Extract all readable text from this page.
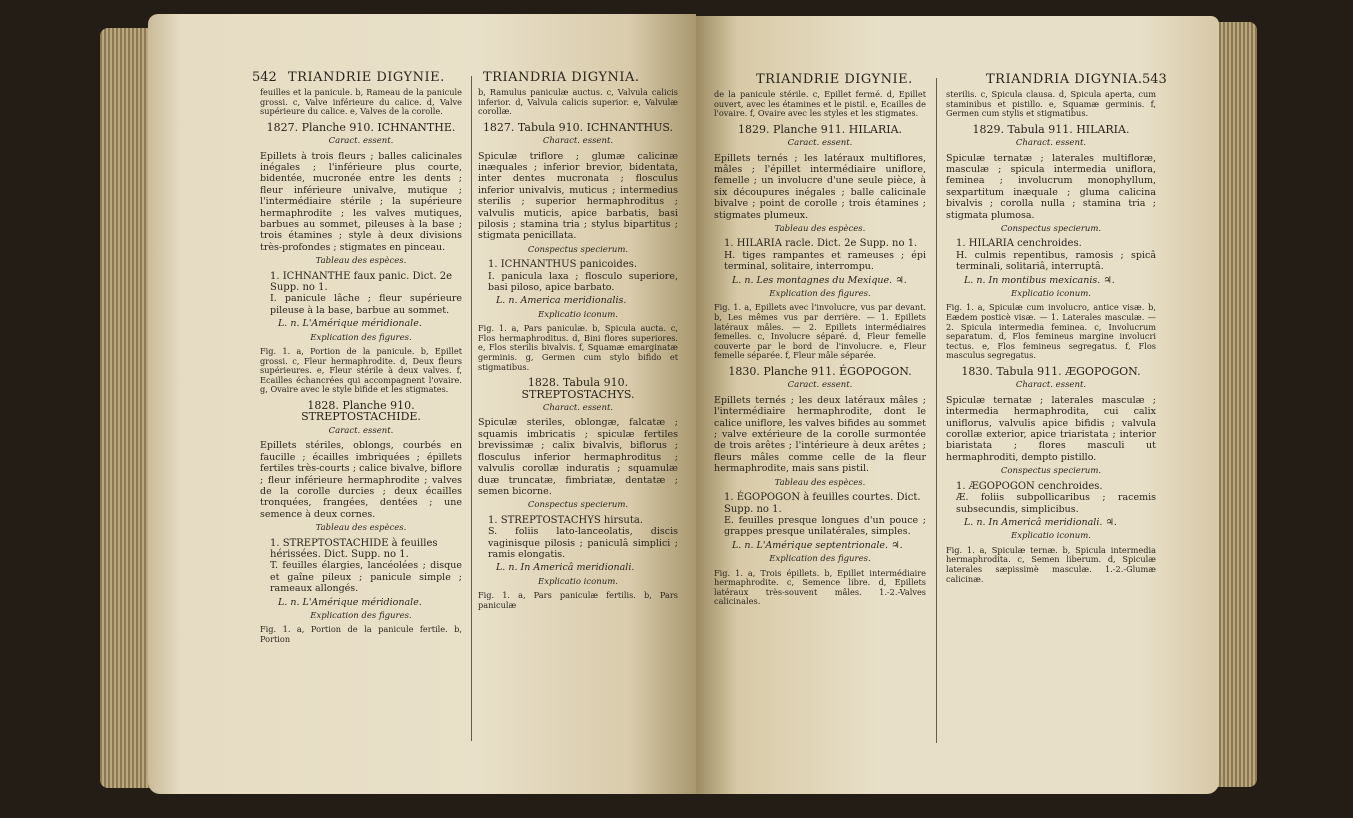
542 TRIANDRIE DIGYNIE.	TRIANDRIA DIGYNIA.

feuilles et la panicule. b, Rameau de la panicule grossi. c, Valve inférieure du calice. d, Valve supérieure du calice. e, Valves de la corolle.

1827. Planche 910. ICHNANTHE.
Caract. essent.

Epillets à trois fleurs ; balles calicinales inégales ; l'inférieure plus courte, bidentée, mucronée entre les dents ; fleur inférieure univalve, mutique ; l'intermédiaire stérile ; la supérieure hermaphrodite ; les valves mutiques, barbues au sommet, pileuses à la base ; trois étamines ; style à deux divisions très-profondes ; stigmates en pinceau.

Tableau des espèces.
1. ICHNANTHE faux panic. Dict. 2e Supp. no 1.

I. panicule lâche ; fleur supérieure pileuse à la base, barbue au sommet.

L. n. L'Amérique méridionale.
Explication des figures.

Fig. 1. a, Portion de la panicule. b, Epillet grossi. c, Fleur hermaphrodite. d, Deux fleurs supérieures. e, Fleur stérile à deux valves. f, Ecailles échancrées qui accompagnent l'ovaire. g, Ovaire avec le style bifide et les stigmates.

1828. Planche 910. STREPTOSTACHIDE.
Caract. essent.

Epillets stériles, oblongs, courbés en faucille ; écailles imbriquées ; épillets fertiles très-courts ; calice bivalve, biflore ; fleur inférieure hermaphrodite ; valves de la corolle durcies ; deux écailles tronquées, frangées, dentées ; une semence à deux cornes.

Tableau des espèces.
1. STREPTOSTACHIDE à feuilles hérissées. Dict. Supp. no 1.

T. feuilles élargies, lancéolées ; disque et gaîne pileux ; panicule simple ; rameaux allongés.

L. n. L'Amérique méridionale.
Explication des figures.

Fig. 1. a, Portion de la panicule fertile. b, Portion

b, Ramulus paniculæ auctus. c, Valvula calicis inferior. d, Valvula calicis superior. e, Valvulæ corollæ.

1827. Tabula 910. ICHNANTHUS.
Charact. essent.

Spiculæ triflore ; glumæ calicinæ inæquales ; inferior brevior, bidentata, inter dentes mucronata ; flosculus inferior univalvis, muticus ; intermedius sterilis ; superior hermaphroditus ; valvulis muticis, apice barbatis, basi pilosis ; stamina tria ; stylus bipartitus ; stigmata penicillata.

Conspectus specierum.
1. ICHNANTHUS panicoides.

I. panicula laxa ; flosculo superiore, basi piloso, apice barbato.

L. n. America meridionalis.
Explicatio iconum.

Fig. 1. a, Pars paniculæ. b, Spicula aucta. c, Flos hermaphroditus. d, Bini flores superiores. e, Flos sterilis bivalvis. f, Squamæ emarginatæ germinis. g, Germen cum stylo bifido et stigmatibus.

1828. Tabula 910. STREPTOSTACHYS.
Charact. essent.

Spiculæ steriles, oblongæ, falcatæ ; squamis imbricatis ; spiculæ fertiles brevissimæ ; calix bivalvis, biflorus ; flosculus inferior hermaphroditus ; valvulis corollæ induratis ; squamulæ duæ truncatæ, fimbriatæ, dentatæ ; semen bicorne.

Conspectus specierum.
1. STREPTOSTACHYS hirsuta.

S. foliis lato-lanceolatis, discis vaginisque pilosis ; paniculâ simplici ; ramis elongatis.

L. n. In Americâ meridionali.
Explicatio iconum.

Fig. 1. a, Pars paniculæ fertilis. b, Pars paniculæ

TRIANDRIE DIGYNIE.	TRIANDRIA DIGYNIA. 543

de la panicule stérile. c, Epillet fermé. d, Epillet ouvert, avec les étamines et le pistil. e, Ecailles de l'ovaire. f, Ovaire avec les styles et les stigmates.

1829. Planche 911. HILARIA.
Caract. essent.

Epillets ternés ; les latéraux multiflores, mâles ; l'épillet intermédiaire uniflore, femelle ; un involucre d'une seule pièce, à six découpures inégales ; balle calicinale bivalve ; point de corolle ; trois étamines ; stigmates plumeux.

Tableau des espèces.
1. HILARIA racle. Dict. 2e Supp. no 1.

H. tiges rampantes et rameuses ; épi terminal, solitaire, interrompu.

L. n. Les montagnes du Mexique. ♃.
Explication des figures.

Fig. 1. a, Epillets avec l'involucre, vus par devant. b, Les mêmes vus par derrière. — 1. Epillets latéraux mâles. — 2. Epillets intermédiaires femelles. c, Involucre séparé. d, Fleur femelle couverte par le bord de l'involucre. e, Fleur femelle séparée. f, Fleur mâle séparée.

1830. Planche 911. ÉGOPOGON.
Caract. essent.

Epillets ternés ; les deux latéraux mâles ; l'intermédiaire hermaphrodite, dont le calice uniflore, les valves bifides au sommet ; valve extérieure de la corolle surmontée de trois arêtes ; l'intérieure à deux arêtes ; fleurs mâles comme celle de la fleur hermaphrodite, mais sans pistil.

Tableau des espèces.
1. ÉGOPOGON à feuilles courtes. Dict. Supp. no 1.

E. feuilles presque longues d'un pouce ; grappes presque unilatérales, simples.

L. n. L'Amérique septentrionale. ♃.
Explication des figures.

Fig. 1. a, Trois épillets. b, Epillet intermédiaire hermaphrodite. c, Semence libre. d, Epillets latéraux très-souvent mâles. 1.-2.-Valves calicinales.

sterilis. c, Spicula clausa. d, Spicula aperta, cum staminibus et pistillo. e, Squamæ germinis. f, Germen cum stylis et stigmatibus.

1829. Tabula 911. HILARIA.
Charact. essent.

Spiculæ ternatæ ; laterales multifloræ, masculæ ; spicula intermedia uniflora, feminea ; involucrum monophyllum, sexpartitum inæquale ; gluma calicina bivalvis ; corolla nulla ; stamina tria ; stigmata plumosa.

Conspectus specierum.
1. HILARIA cenchroides.

H. culmis repentibus, ramosis ; spicâ terminali, solitariâ, interruptâ.

L. n. In montibus mexicanis. ♃.
Explicatio iconum.

Fig. 1. a, Spiculæ cum involucro, antice visæ. b, Eædem posticè visæ. — 1. Laterales masculæ. — 2. Spicula intermedia feminea. c, Involucrum separatum. d, Flos femineus margine involucri tectus. e, Flos femineus segregatus. f, Flos masculus segregatus.

1830. Tabula 911. ÆGOPOGON.
Charact. essent.

Spiculæ ternatæ ; laterales masculæ ; intermedia hermaphrodita, cui calix uniflorus, valvulis apice bifidis ; valvula corollæ exterior, apice triaristata ; interior biaristata ; flores masculi ut hermaphroditi, dempto pistillo.

Conspectus specierum.
1. ÆGOPOGON cenchroides.

Æ. foliis subpollicaribus ; racemis subsecundis, simplicibus.

L. n. In Americâ meridionali. ♃.
Explicatio iconum.

Fig. 1. a, Spiculæ ternæ. b, Spicula intermedia hermaphrodita. c, Semen liberum. d, Spiculæ laterales sæpissimè masculæ. 1.-2.-Glumæ calicinæ.
